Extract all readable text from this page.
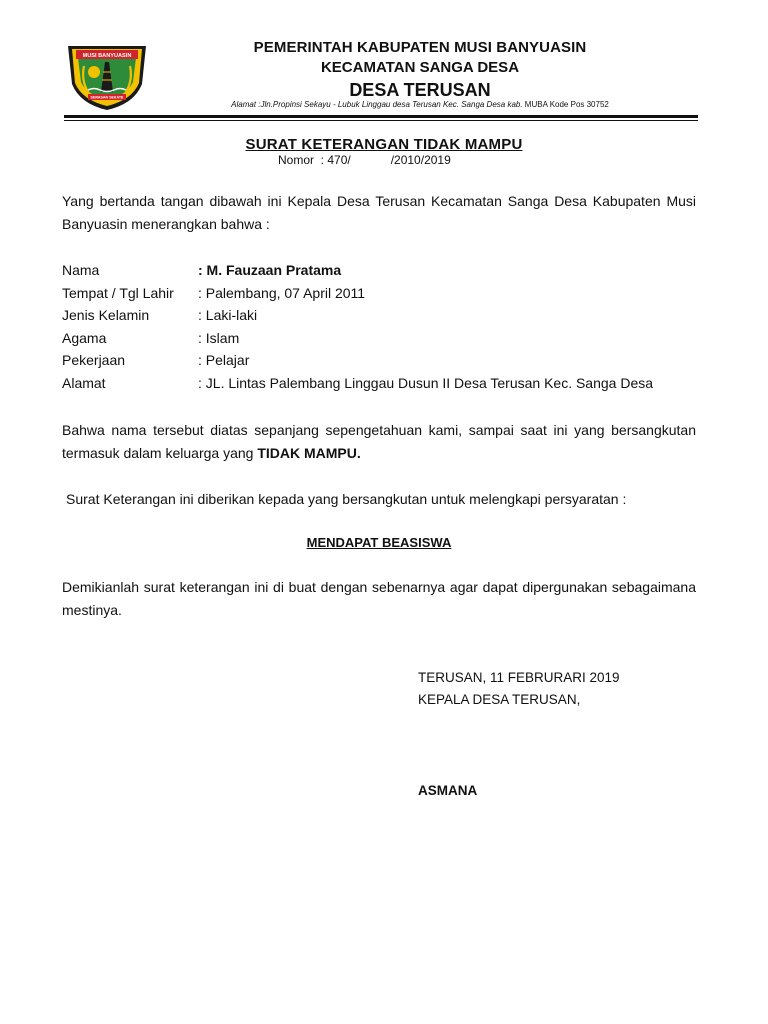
MUSI BANYUASIN
SERASAN SEKATE
PEMERINTAH KABUPATEN MUSI BANYUASIN
KECAMATAN SANGA DESA
DESA TERUSAN
Alamat :Jln.Propinsi Sekayu - Lubuk Linggau desa Terusan Kec. Sanga Desa kab. MUBA Kode Pos 30752
SURAT KETERANGAN TIDAK MAMPU
Nomor  : 470/            /2010/2019
Yang bertanda tangan dibawah ini Kepala Desa Terusan Kecamatan Sanga Desa Kabupaten Musi Banyuasin menerangkan bahwa :
Nama	: M. Fauzaan Pratama
Tempat / Tgl Lahir	: Palembang, 07 April 2011
Jenis Kelamin	: Laki-laki
Agama	: Islam
Pekerjaan	: Pelajar
Alamat	: JL. Lintas Palembang Linggau Dusun II Desa Terusan Kec. Sanga Desa
Bahwa nama tersebut diatas sepanjang sepengetahuan kami, sampai saat ini yang bersangkutan termasuk dalam keluarga yang TIDAK MAMPU.
Surat Keterangan ini diberikan kepada yang bersangkutan untuk melengkapi persyaratan :
MENDAPAT BEASISWA
Demikianlah surat keterangan ini di buat dengan sebenarnya agar dapat dipergunakan sebagaimana mestinya.
TERUSAN, 11 FEBRURARI 2019
KEPALA DESA TERUSAN,
ASMANA
